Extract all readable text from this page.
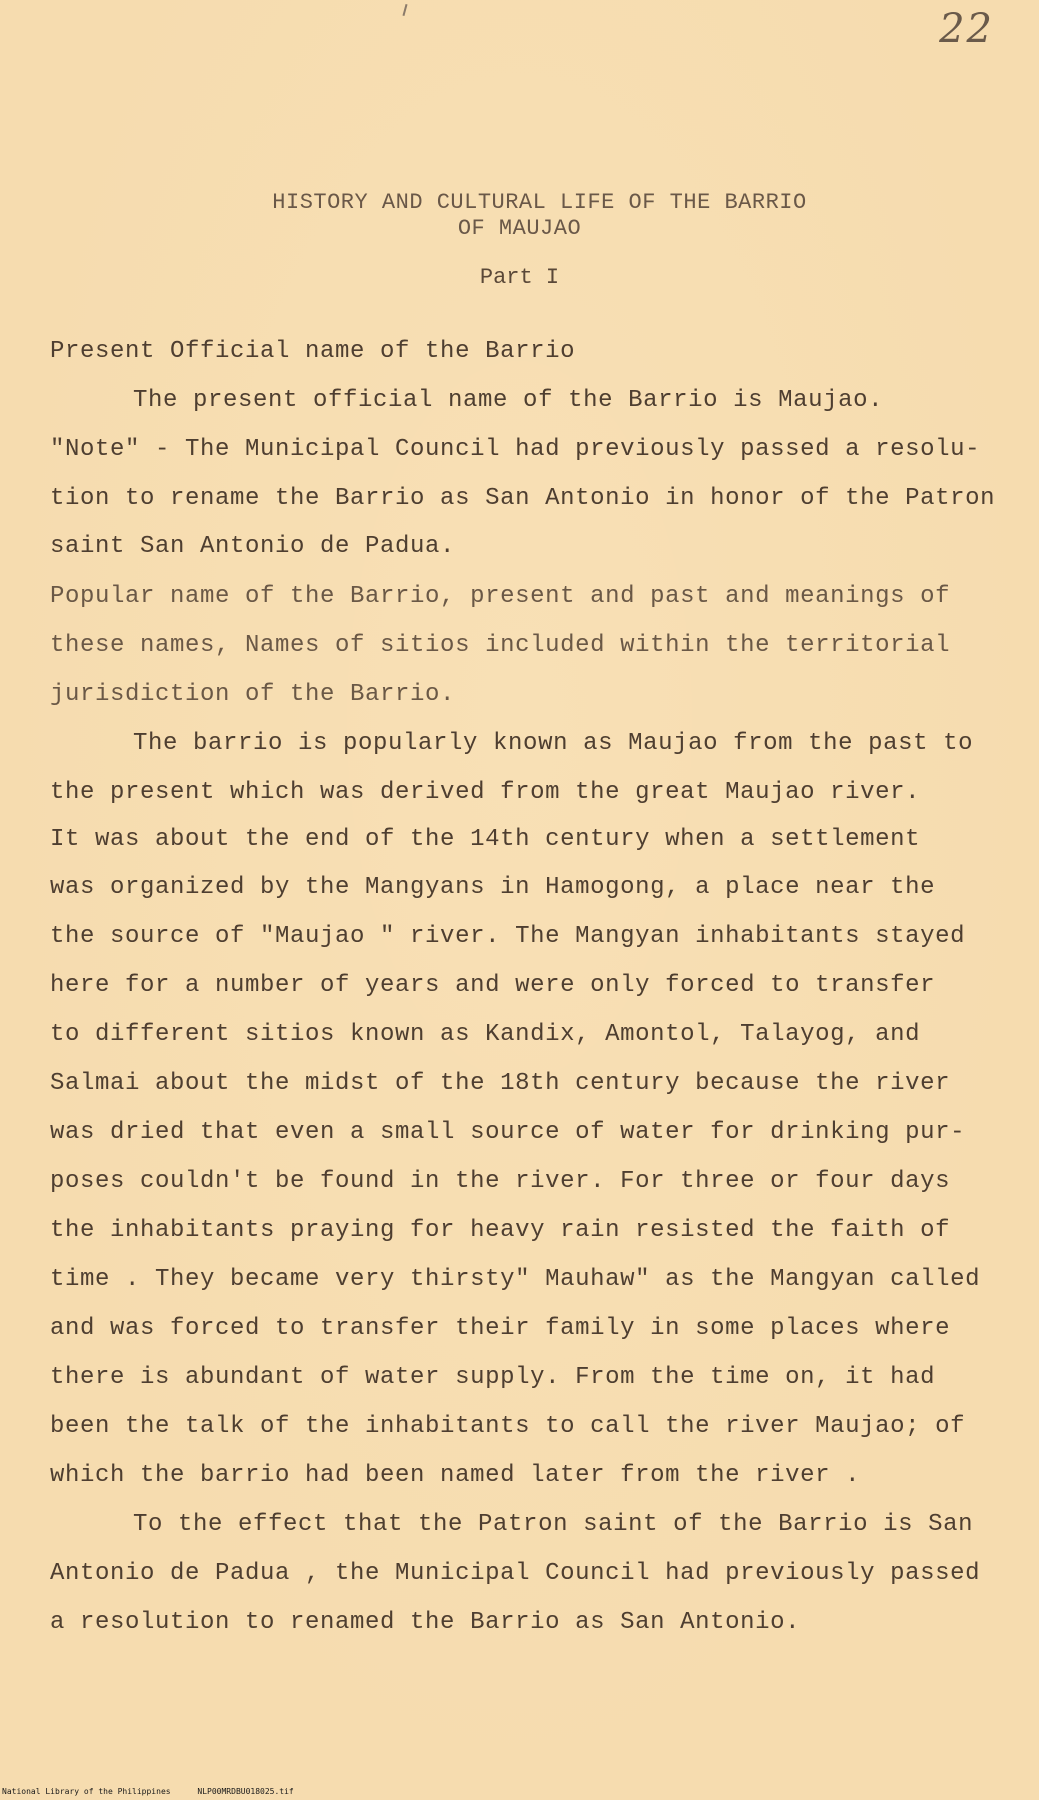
22
HISTORY AND CULTURAL LIFE OF THE BARRIO
OF MAUJAO
Part I
Present Official name of the Barrio
The present official name of the Barrio is Maujao.
"Note" - The Municipal Council had previously passed a resolu-
tion to rename the Barrio as San Antonio in honor of the Patron
saint San Antonio de Padua.
Popular name of the Barrio, present and past and meanings of
these names, Names of sitios included within the territorial
jurisdiction of the Barrio.
The barrio is popularly known as Maujao from the past to
the present which was derived from the great Maujao river.
It was about the end of the 14th century when a settlement
was organized by the Mangyans in Hamogong, a place near the
the source of "Maujao " river. The Mangyan inhabitants stayed
here for a number of years and were only forced to transfer
to different sitios known as Kandix, Amontol, Talayog, and
Salmai about the midst of the 18th century because the river
was dried that even a small source of water for drinking pur-
poses couldn't be found in the river. For three or four days
the inhabitants praying for heavy rain resisted the faith of
time . They became very thirsty" Mauhaw" as the Mangyan called
and was forced to transfer their family in some places where
there is abundant of water supply. From the time on, it had
been the talk of the inhabitants to call the river Maujao; of
which the barrio had been named later from the river .
To the effect that the Patron saint of the Barrio is San
Antonio de Padua , the Municipal Council had previously passed
a resolution to renamed the Barrio as San Antonio.
National Library of the Philippines	NLP00MRDBU018025.tif
